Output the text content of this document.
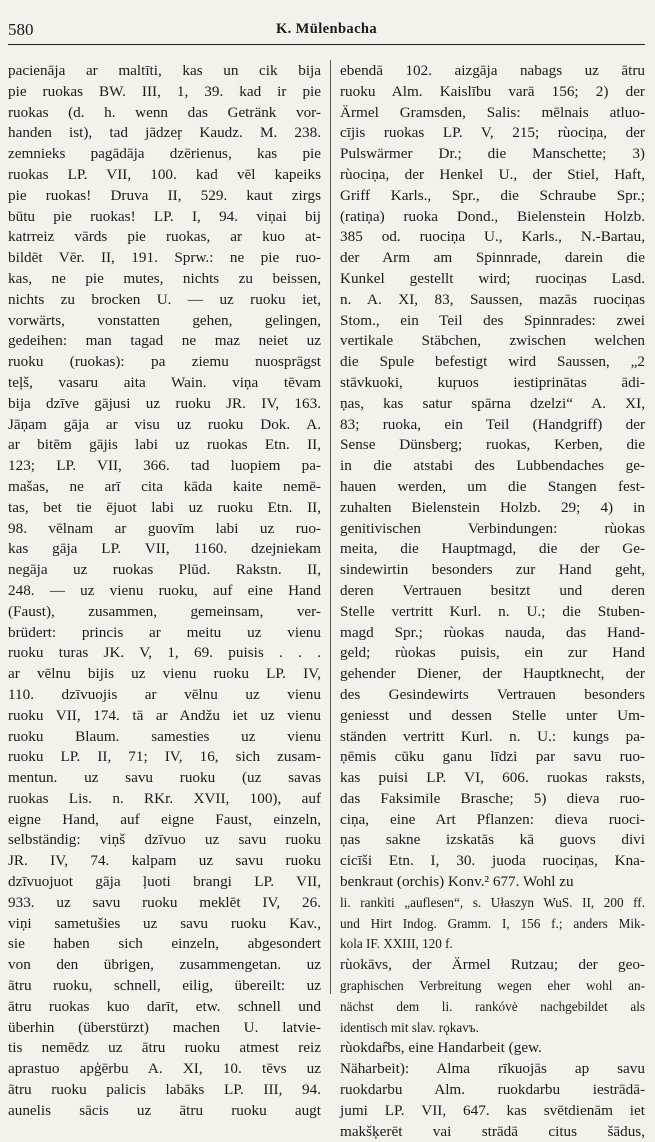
580	K. Mülenbacha
pacienāja ar maltīti, kas un cik bija
pie ruokas BW. III, 1, 39. kad ir pie
ruokas (d. h. wenn das Getränk vor-
handen ist), tad jādzeŗ Kaudz. M. 238.
zemnieks pagādāja dzērienus, kas pie
ruokas LP. VII, 100. kad vēl kapeiks
pie ruokas! Druva II, 529. kaut zirgs
būtu pie ruokas! LP. I, 94. viņai bij
katrreiz vārds pie ruokas, ar kuo at-
bildēt Vēr. II, 191. Sprw.: ne pie ruo-
kas, ne pie mutes, nichts zu beissen,
nichts zu brocken U. — uz ruoku iet,
vorwärts, vonstatten gehen, gelingen,
gedeihen: man tagad ne maz neiet uz
ruoku (ruokas): pa ziemu nuosprāgst
teļš, vasaru aita Wain. viņa tēvam
bija dzīve gājusi uz ruoku JR. IV, 163.
Jāņam gāja ar visu uz ruoku Dok. A.
ar bitēm gājis labi uz ruokas Etn. II,
123; LP. VII, 366. tad luopiem pa-
mašas, ne arī cita kāda kaite nemē-
tas, bet tie ējuot labi uz ruoku Etn. II,
98. vēlnam ar guovīm labi uz ruo-
kas gāja LP. VII, 1160. dzejniekam
negāja uz ruokas Plūd. Rakstn. II,
248. — uz vienu ruoku, auf eine Hand
(Faust), zusammen, gemeinsam, ver-
brüdert: princis ar meitu uz vienu
ruoku turas JK. V, 1, 69. puisis . . .
ar vēlnu bijis uz vienu ruoku LP. IV,
110. dzīvuojis ar vēlnu uz vienu
ruoku VII, 174. tā ar Andžu iet uz vienu
ruoku Blaum. samesties uz vienu
ruoku LP. II, 71; IV, 16, sich zusam-
mentun. uz savu ruoku (uz savas
ruokas Lis. n. RKr. XVII, 100), auf
eigne Hand, auf eigne Faust, einzeln,
selbständig: viņš dzīvuo uz savu ruoku
JR. IV, 74. kalpam uz savu ruoku
dzīvuojuot gāja ļuoti brangi LP. VII,
933. uz savu ruoku meklēt IV, 26.
viņi sametušies uz savu ruoku Kav.,
sie haben sich einzeln, abgesondert
von den übrigen, zusammengetan. uz
ātru ruoku, schnell, eilig, übereilt: uz
ātru ruokas kuo darīt, etw. schnell und
überhin (überstürzt) machen U. latvie-
tis nemēdz uz ātru ruoku atmest reiz
aprastuo apģērbu A. XI, 10. tēvs uz
ātru ruoku palicis labāks LP. III, 94.
aunelis sācis uz ātru ruoku augt
ebendā 102. aizgāja nabags uz ātru
ruoku Alm. Kaislību varā 156; 2) der
Ärmel Gramsden, Salis: mēlnais atluo-
cījis ruokas LP. V, 215; rùociņa, der
Pulswärmer Dr.; die Manschette; 3)
rùociņa, der Henkel U., der Stiel, Haft,
Griff Karls., Spr., die Schraube Spr.;
(ratiņa) ruoka Dond., Bielenstein Holzb.
385 od. ruociņa U., Karls., N.-Bartau,
der Arm am Spinnrade, darein die
Kunkel gestellt wird; ruociņas Lasd.
n. A. XI, 83, Saussen, mazās ruociņas
Stom., ein Teil des Spinnrades: zwei
vertikale Stäbchen, zwischen welchen
die Spule befestigt wird Saussen, „2
stāvkuoki, kuŗuos iestiprinātas ādi-
ņas, kas satur spārna dzelzi“ A. XI,
83; ruoka, ein Teil (Handgriff) der
Sense Dünsberg; ruokas, Kerben, die
in die atstabi des Lubbendaches ge-
hauen werden, um die Stangen fest-
zuhalten Bielenstein Holzb. 29; 4) in
genitivischen Verbindungen: rùokas
meita, die Hauptmagd, die der Ge-
sindewirtin besonders zur Hand geht,
deren Vertrauen besitzt und deren
Stelle vertritt Kurl. n. U.; die Stuben-
magd Spr.; rùokas nauda, das Hand-
geld; rùokas puisis, ein zur Hand
gehender Diener, der Hauptknecht, der
des Gesindewirts Vertrauen besonders
geniesst und dessen Stelle unter Um-
ständen vertritt Kurl. n. U.: kungs pa-
ņēmis cūku ganu līdzi par savu ruo-
kas puisi LP. VI, 606. ruokas raksts,
das Faksimile Brasche; 5) dieva ruo-
ciņa, eine Art Pflanzen: dieva ruoci-
ņas sakne izskatās kā guovs divi
cicīši Etn. I, 30. juoda ruociņas, Kna-
benkraut (orchis) Konv.² 677. Wohl zu
li. rankìti „auflesen“, s. Ułaszyn WuS. II, 200 ff.
und Hirt Indog. Gramm. I, 156 f.; anders Mik-
kola IF. XXIII, 120 f.
rùokāvs, der Ärmel Rutzau; der geo-
graphischen Verbreitung wegen eher wohl an-
nächst dem li. rankóvė nachgebildet als
identisch mit slav. rǫkavъ.
rùokdar̂bs, eine Handarbeit (gew.
Näharbeit): Alma rīkuojās ap savu
ruokdarbu Alm. ruokdarbu iestrādā-
jumi LP. VII, 647. kas svētdienām iet
makšķerēt vai strādā citus šādus,
